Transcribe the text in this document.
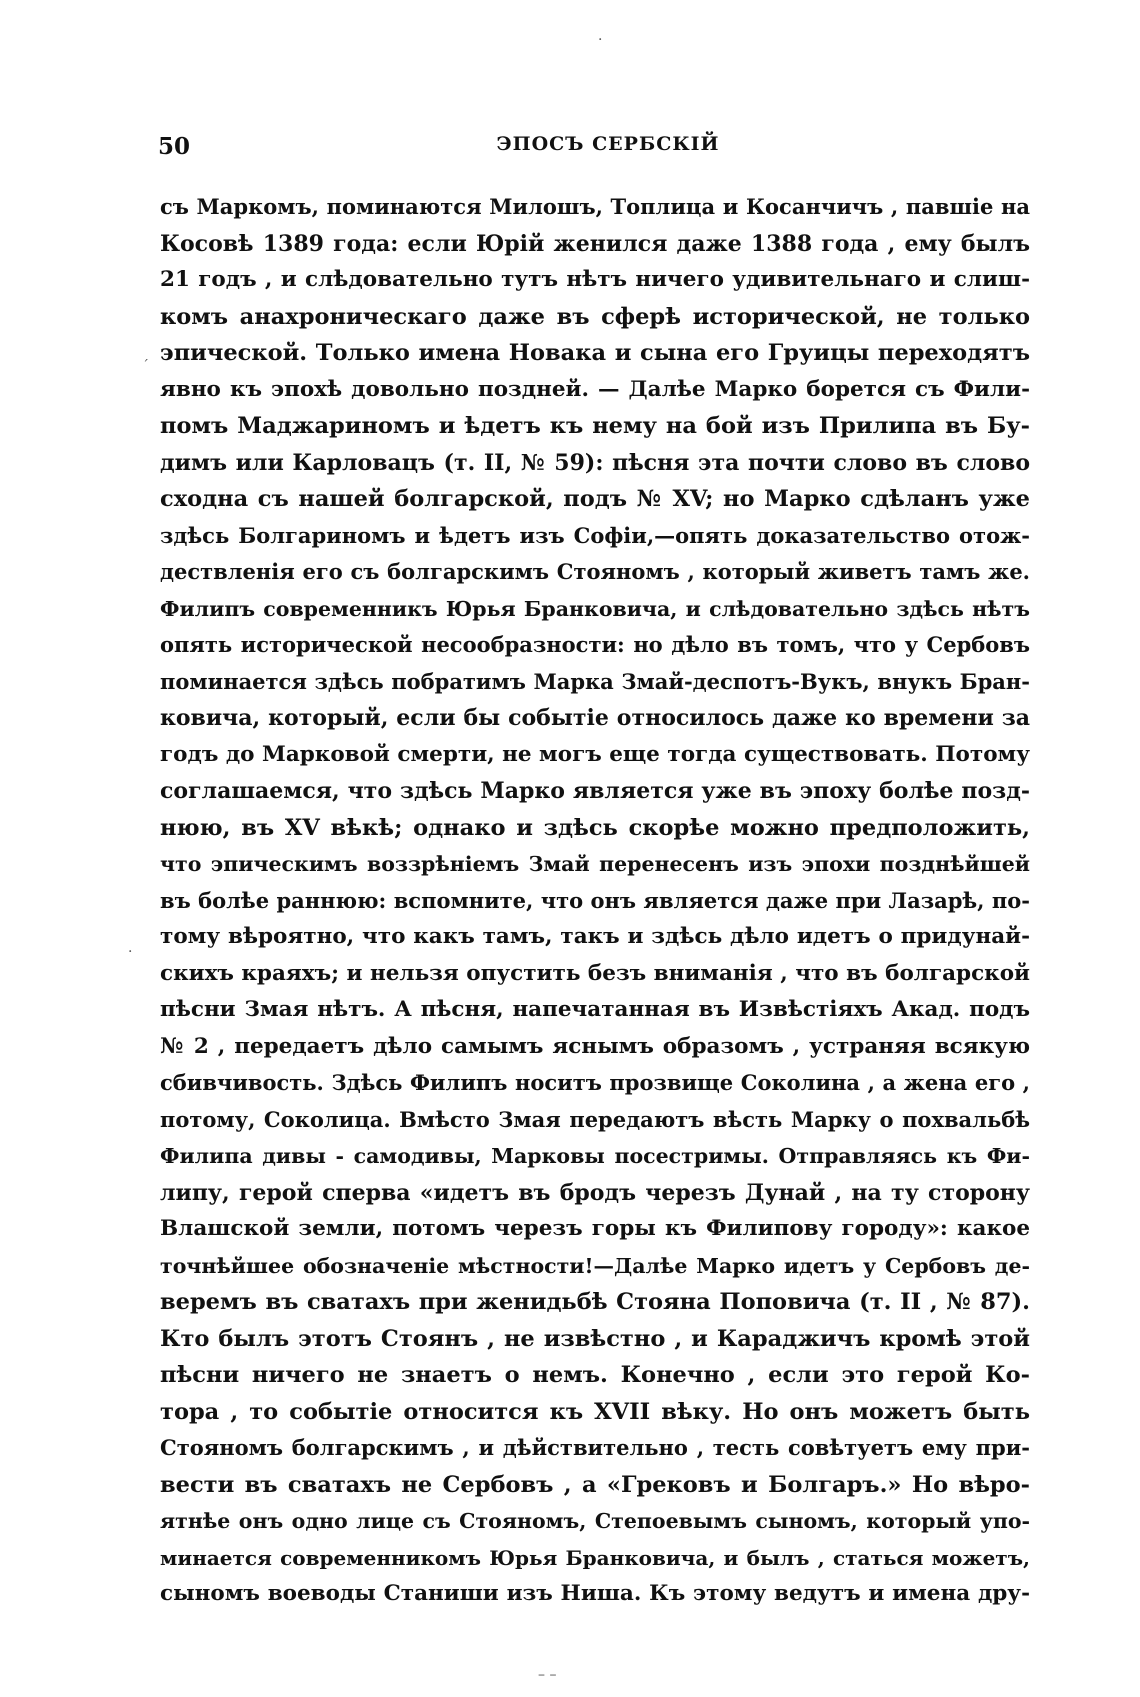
·
ˊ
·
– –
50	ЭПОСЪ СЕРБСКІЙ
съ Маркомъ, поминаются Милошъ, Топлица и Косанчичъ , павшіе на
Косовѣ 1389 года: если Юрій женился даже 1388 года , ему былъ
21 годъ , и слѣдовательно тутъ нѣтъ ничего удивительнаго и слиш-
комъ анахроническаго даже въ сферѣ исторической, не только
эпической. Только имена Новака и сына его Груицы переходятъ
явно къ эпохѣ довольно поздней. — Далѣе Марко борется съ Фили-
помъ Маджариномъ и ѣдетъ къ нему на бой изъ Прилипа въ Бу-
димъ или Карловацъ (т. II, № 59): пѣсня эта почти слово въ слово
сходна съ нашей болгарской, подъ № XV; но Марко сдѣланъ уже
здѣсь Болгариномъ и ѣдетъ изъ Софіи,—опять доказательство отож-
дествленія его съ болгарскимъ Стояномъ , который живетъ тамъ же.
Филипъ современникъ Юрья Бранковича, и слѣдовательно здѣсь нѣтъ
опять исторической несообразности: но дѣло въ томъ, что у Сербовъ
поминается здѣсь побратимъ Марка Змай-деспотъ-Вукъ, внукъ Бран-
ковича, который, если бы событіе относилось даже ко времени за
годъ до Марковой смерти, не могъ еще тогда существовать. Потому
соглашаемся, что здѣсь Марко является уже въ эпоху болѣе позд-
нюю, въ XV вѣкѣ; однако и здѣсь скорѣе можно предположить,
что эпическимъ воззрѣніемъ Змай перенесенъ изъ эпохи позднѣйшей
въ болѣе раннюю: вспомните, что онъ является даже при Лазарѣ, по-
тому вѣроятно, что какъ тамъ, такъ и здѣсь дѣло идетъ о придунай-
скихъ краяхъ; и нельзя опустить безъ вниманія , что въ болгарской
пѣсни Змая нѣтъ. А пѣсня, напечатанная въ Извѣстіяхъ Акад. подъ
№ 2 , передаетъ дѣло самымъ яснымъ образомъ , устраняя всякую
сбивчивость. Здѣсь Филипъ носитъ прозвище Соколина , а жена его ,
потому, Соколица. Вмѣсто Змая передаютъ вѣсть Марку о похвальбѣ
Филипа дивы - самодивы, Марковы посестримы. Отправляясь къ Фи-
липу, герой сперва «идетъ въ бродъ черезъ Дунай , на ту сторону
Влашской земли, потомъ черезъ горы къ Филипову городу»: какое
точнѣйшее обозначеніе мѣстности!—Далѣе Марко идетъ у Сербовъ де-
веремъ въ сватахъ при женидьбѣ Стояна Поповича (т. II , № 87).
Кто былъ этотъ Стоянъ , не извѣстно , и Караджичъ кромѣ этой
пѣсни ничего не знаетъ о немъ. Конечно , если это герой Ко-
тора , то событіе относится къ XVII вѣку. Но онъ можетъ быть
Стояномъ болгарскимъ , и дѣйствительно , тесть совѣтуетъ ему при-
вести въ сватахъ не Сербовъ , а «Грековъ и Болгаръ.» Но вѣро-
ятнѣе онъ одно лице съ Стояномъ, Степоевымъ сыномъ, который упо-
минается современникомъ Юрья Бранковича, и былъ , статься можетъ,
сыномъ воеводы Станиши изъ Ниша. Къ этому ведутъ и имена дру-
